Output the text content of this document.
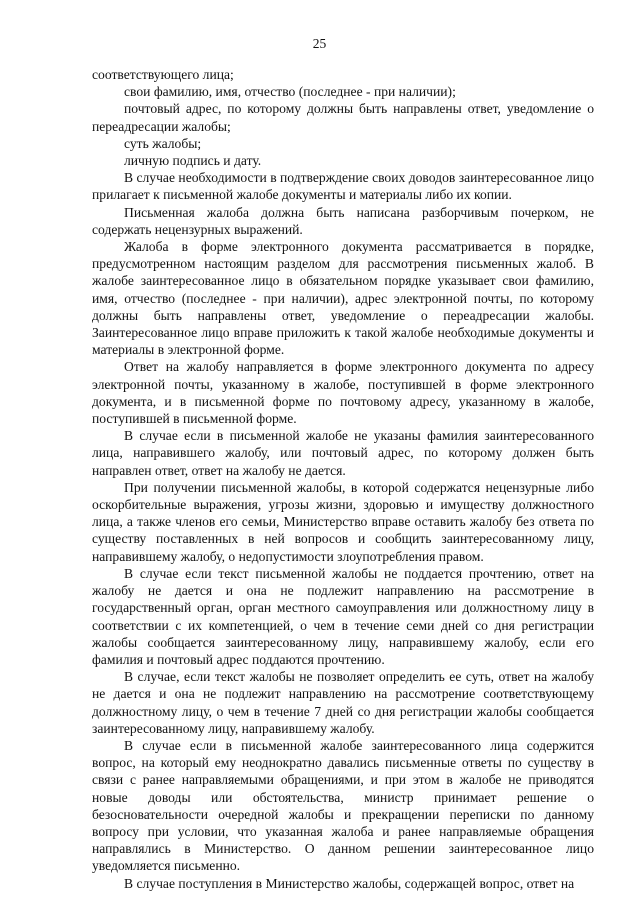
25

соответствующего лица;

свои фамилию, имя, отчество (последнее - при наличии);

почтовый адрес, по которому должны быть направлены ответ, уведомление о переадресации жалобы;

суть жалобы;

личную подпись и дату.

В случае необходимости в подтверждение своих доводов заинтересованное лицо прилагает к письменной жалобе документы и материалы либо их копии.

Письменная жалоба должна быть написана разборчивым почерком, не содержать нецензурных выражений.

Жалоба в форме электронного документа рассматривается в порядке, предусмотренном настоящим разделом для рассмотрения письменных жалоб. В жалобе заинтересованное лицо в обязательном порядке указывает свои фамилию, имя, отчество (последнее - при наличии), адрес электронной почты, по которому должны быть направлены ответ, уведомление о переадресации жалобы. Заинтересованное лицо вправе приложить к такой жалобе необходимые документы и материалы в электронной форме.

Ответ на жалобу направляется в форме электронного документа по адресу электронной почты, указанному в жалобе, поступившей в форме электронного документа, и в письменной форме по почтовому адресу, указанному в жалобе, поступившей в письменной форме.

В случае если в письменной жалобе не указаны фамилия заинтересованного лица, направившего жалобу, или почтовый адрес, по которому должен быть направлен ответ, ответ на жалобу не дается.

При получении письменной жалобы, в которой содержатся нецензурные либо оскорбительные выражения, угрозы жизни, здоровью и имуществу должностного лица, а также членов его семьи, Министерство вправе оставить жалобу без ответа по существу поставленных в ней вопросов и сообщить заинтересованному лицу, направившему жалобу, о недопустимости злоупотребления правом.

В случае если текст письменной жалобы не поддается прочтению, ответ на жалобу не дается и она не подлежит направлению на рассмотрение в государственный орган, орган местного самоуправления или должностному лицу в соответствии с их компетенцией, о чем в течение семи дней со дня регистрации жалобы сообщается заинтересованному лицу, направившему жалобу, если его фамилия и почтовый адрес поддаются прочтению.

В случае, если текст жалобы не позволяет определить ее суть, ответ на жалобу не дается и она не подлежит направлению на рассмотрение соответствующему должностному лицу, о чем в течение 7 дней со дня регистрации жалобы сообщается заинтересованному лицу, направившему жалобу.

В случае если в письменной жалобе заинтересованного лица содержится вопрос, на который ему неоднократно давались письменные ответы по существу в связи с ранее направляемыми обращениями, и при этом в жалобе не приводятся новые доводы или обстоятельства, министр принимает решение о безосновательности очередной жалобы и прекращении переписки по данному вопросу при условии, что указанная жалоба и ранее направляемые обращения направлялись в Министерство. О данном решении заинтересованное лицо уведомляется письменно.

В случае поступления в Министерство жалобы, содержащей вопрос, ответ на
